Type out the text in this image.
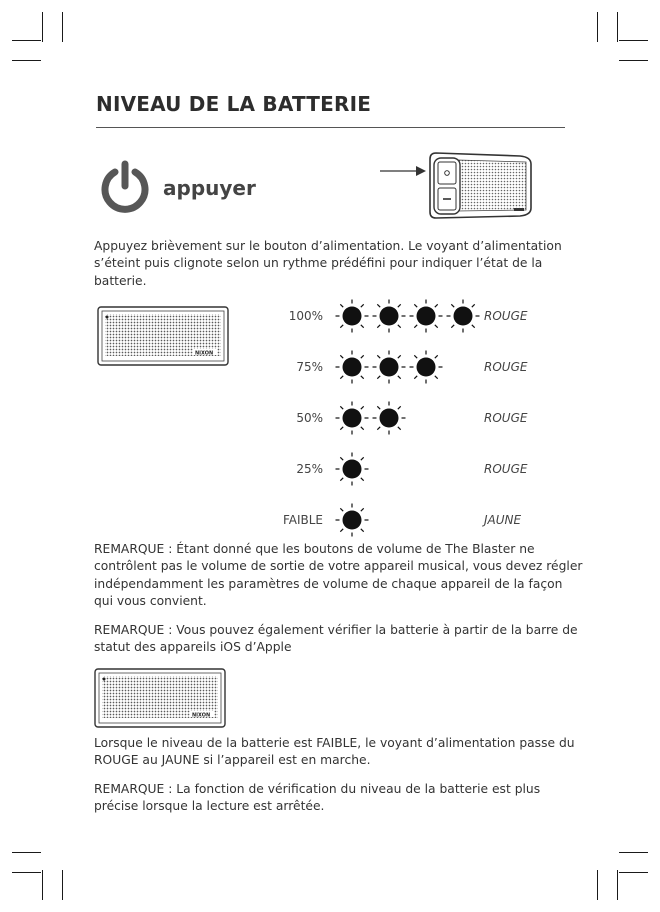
NIVEAU DE LA BATTERIE
appuyer

Appuyez brièvement sur le bouton d’alimentation. Le voyant d’alimentation s’éteint puis clignote selon un rythme prédéfini pour indiquer l’état de la batterie.

NIXON
100%	ROUGE
75%	ROUGE
50%	ROUGE
25%	ROUGE
FAIBLE	JAUNE
NIXON

REMARQUE : Étant donné que les boutons de volume de The Blaster ne contrôlent pas le volume de sortie de votre appareil musical, vous devez régler indépendamment les paramètres de volume de chaque appareil de la façon qui vous convient.

REMARQUE : Vous pouvez également vérifier la batterie à partir de la barre de statut des appareils iOS d’Apple

Lorsque le niveau de la batterie est FAIBLE, le voyant d’alimentation passe du ROUGE au JAUNE si l’appareil est en marche.

REMARQUE : La fonction de vérification du niveau de la batterie est plus précise lorsque la lecture est arrêtée.
